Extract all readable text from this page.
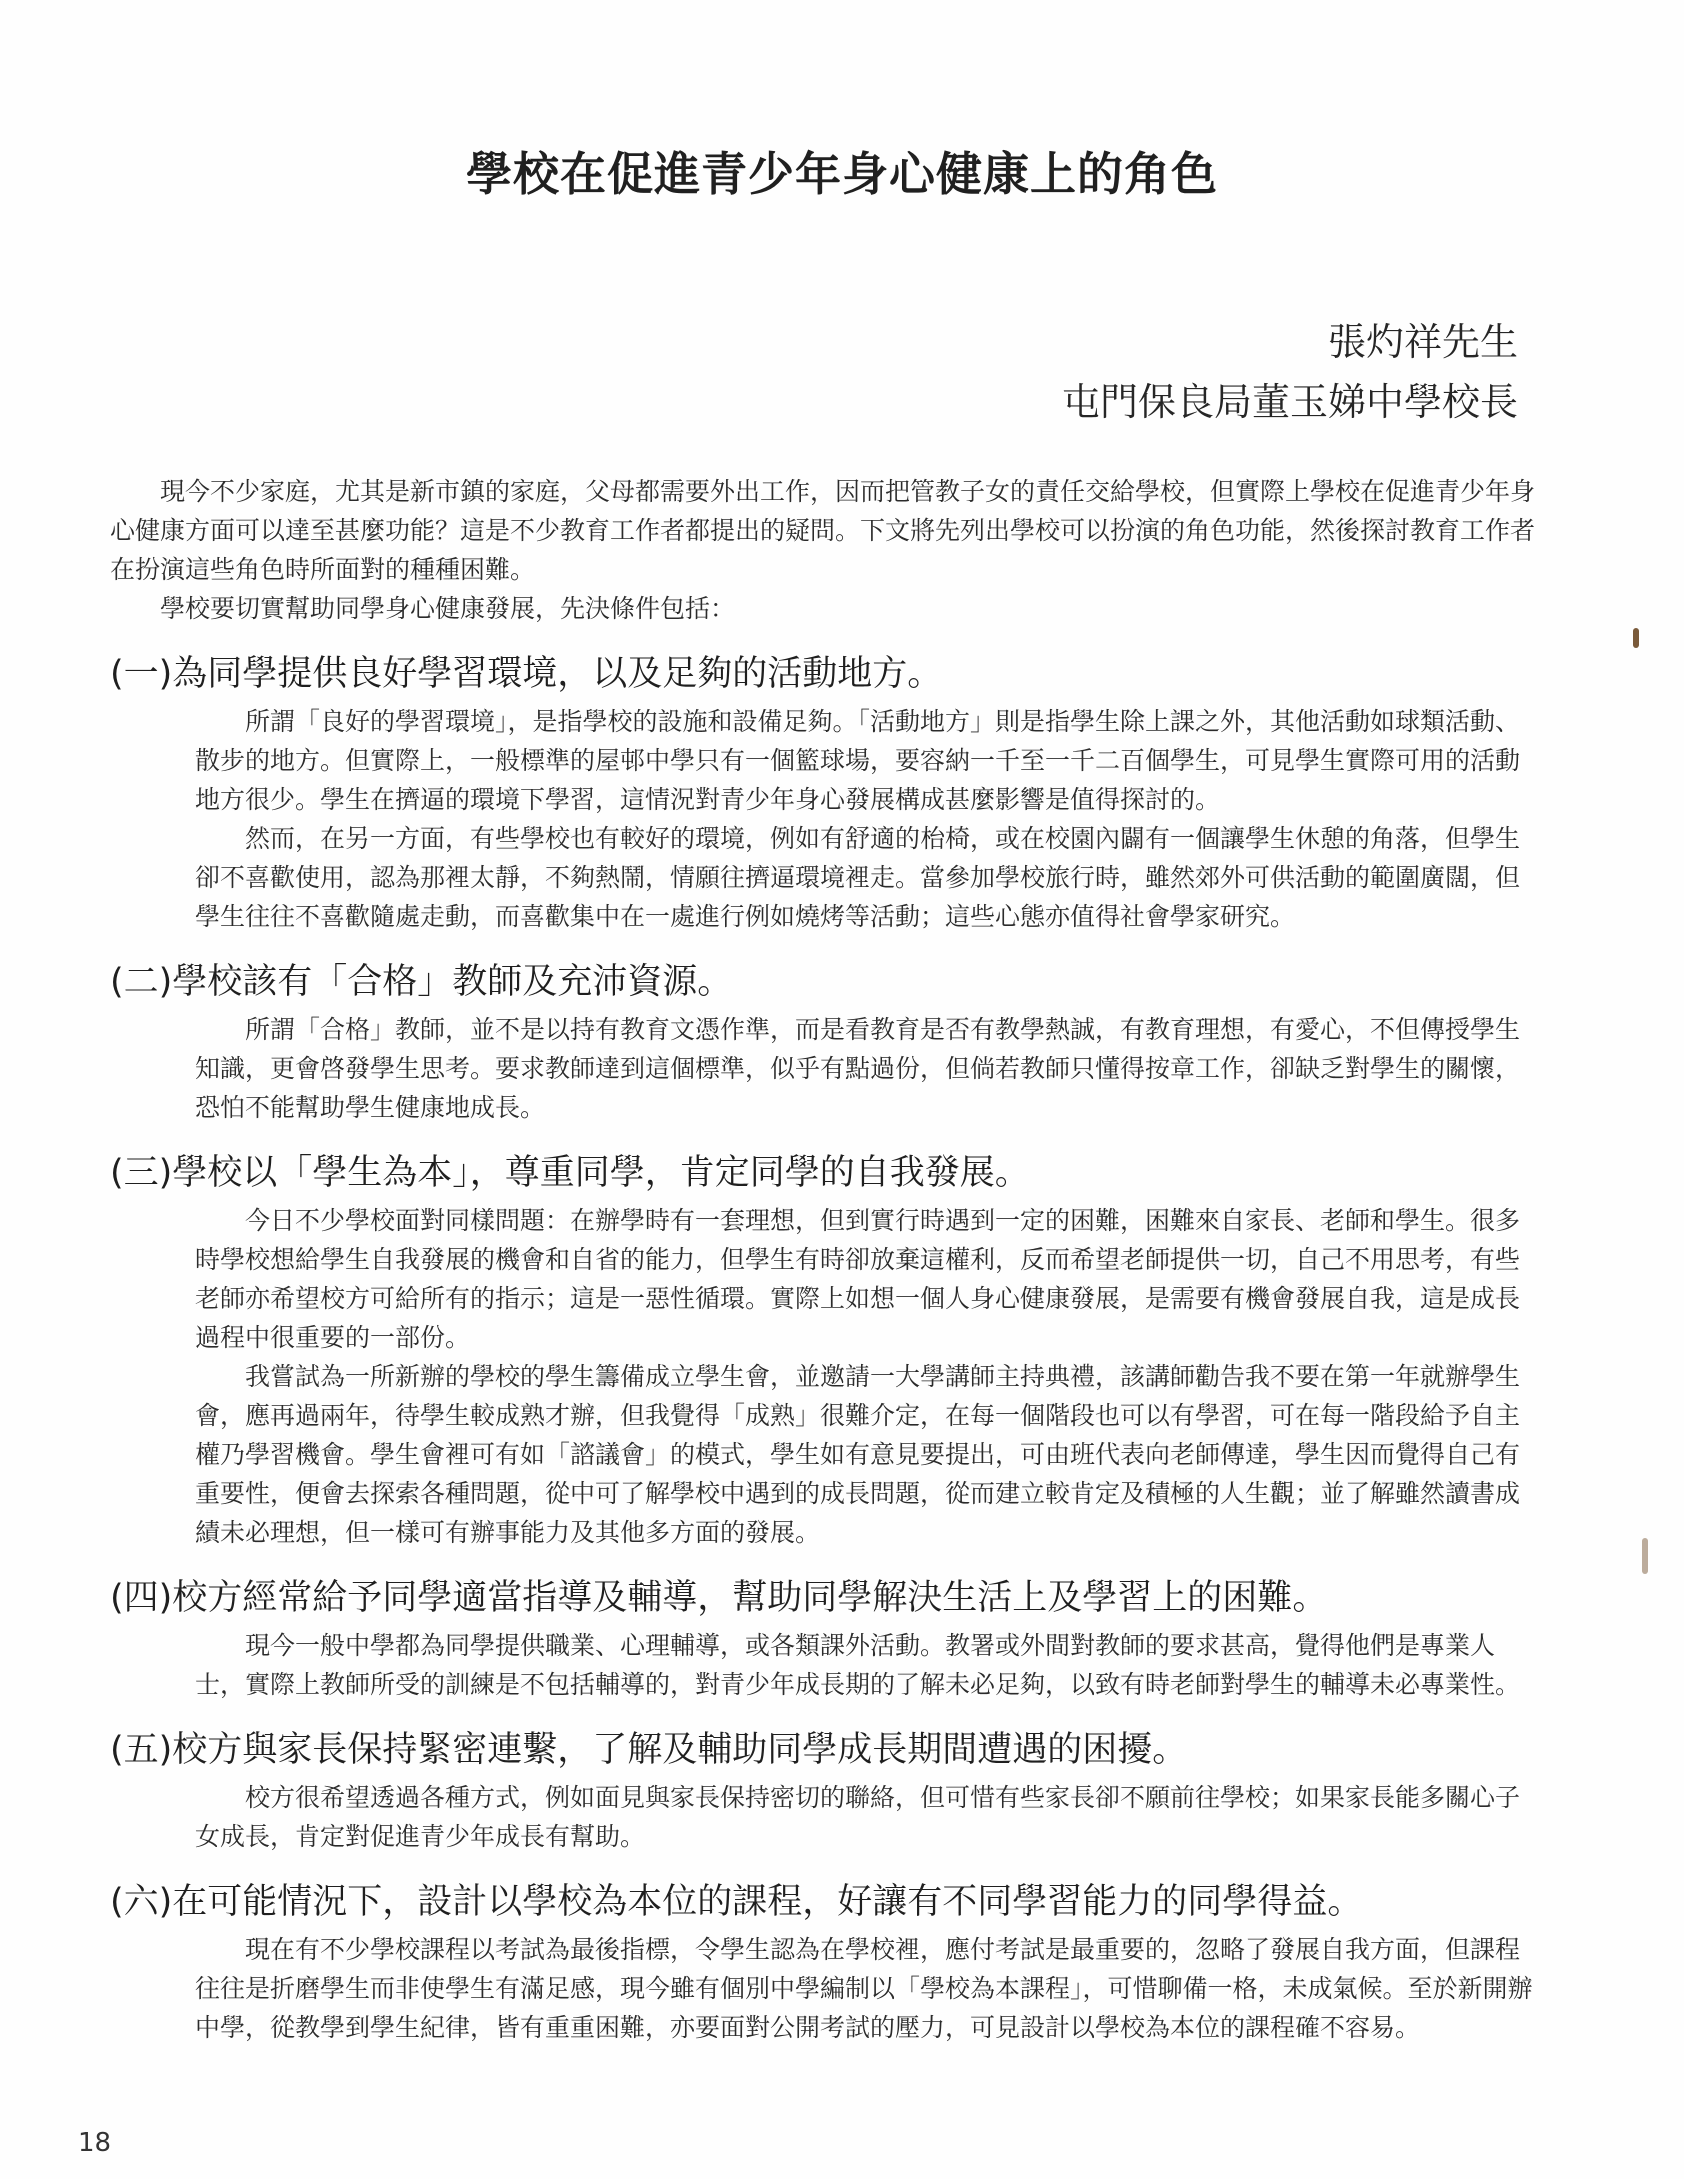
學校在促進青少年身心健康上的角色
張灼祥先生
屯門保良局董玉娣中學校長

現今不少家庭，尤其是新市鎮的家庭，父母都需要外出工作，因而把管教子女的責任交給學校，但實際上學校在促進青少年身心健康方面可以達至甚麼功能？這是不少教育工作者都提出的疑問。下文將先列出學校可以扮演的角色功能，然後探討教育工作者在扮演這些角色時所面對的種種困難。

學校要切實幫助同學身心健康發展，先決條件包括：

(一)為同學提供良好學習環境，以及足夠的活動地方。

所謂「良好的學習環境」，是指學校的設施和設備足夠。「活動地方」則是指學生除上課之外，其他活動如球類活動、散步的地方。但實際上，一般標準的屋邨中學只有一個籃球場，要容納一千至一千二百個學生，可見學生實際可用的活動地方很少。學生在擠逼的環境下學習，這情況對青少年身心發展構成甚麼影響是值得探討的。

然而，在另一方面，有些學校也有較好的環境，例如有舒適的枱椅，或在校園內闢有一個讓學生休憩的角落，但學生卻不喜歡使用，認為那裡太靜，不夠熱鬧，情願往擠逼環境裡走。當參加學校旅行時，雖然郊外可供活動的範圍廣闊，但學生往往不喜歡隨處走動，而喜歡集中在一處進行例如燒烤等活動；這些心態亦值得社會學家研究。

(二)學校該有「合格」教師及充沛資源。

所謂「合格」教師，並不是以持有教育文憑作準，而是看教育是否有教學熱誠，有教育理想，有愛心，不但傳授學生知識，更會啓發學生思考。要求教師達到這個標準，似乎有點過份，但倘若教師只懂得按章工作，卻缺乏對學生的關懷，恐怕不能幫助學生健康地成長。

(三)學校以「學生為本」，尊重同學，肯定同學的自我發展。

今日不少學校面對同樣問題：在辦學時有一套理想，但到實行時遇到一定的困難，困難來自家長、老師和學生。很多時學校想給學生自我發展的機會和自省的能力，但學生有時卻放棄這權利，反而希望老師提供一切，自己不用思考，有些老師亦希望校方可給所有的指示；這是一惡性循環。實際上如想一個人身心健康發展，是需要有機會發展自我，這是成長過程中很重要的一部份。

我嘗試為一所新辦的學校的學生籌備成立學生會，並邀請一大學講師主持典禮，該講師勸告我不要在第一年就辦學生會，應再過兩年，待學生較成熟才辦，但我覺得「成熟」很難介定，在每一個階段也可以有學習，可在每一階段給予自主權乃學習機會。學生會裡可有如「諮議會」的模式，學生如有意見要提出，可由班代表向老師傳達，學生因而覺得自己有重要性，便會去探索各種問題，從中可了解學校中遇到的成長問題，從而建立較肯定及積極的人生觀；並了解雖然讀書成績未必理想，但一樣可有辦事能力及其他多方面的發展。

(四)校方經常給予同學適當指導及輔導，幫助同學解決生活上及學習上的困難。

現今一般中學都為同學提供職業、心理輔導，或各類課外活動。教署或外間對教師的要求甚高，覺得他們是專業人士，實際上教師所受的訓練是不包括輔導的，對青少年成長期的了解未必足夠，以致有時老師對學生的輔導未必專業性。

(五)校方與家長保持緊密連繫，了解及輔助同學成長期間遭遇的困擾。

校方很希望透過各種方式，例如面見與家長保持密切的聯絡，但可惜有些家長卻不願前往學校；如果家長能多關心子女成長，肯定對促進青少年成長有幫助。

(六)在可能情況下，設計以學校為本位的課程，好讓有不同學習能力的同學得益。

現在有不少學校課程以考試為最後指標，令學生認為在學校裡，應付考試是最重要的，忽略了發展自我方面，但課程往往是折磨學生而非使學生有滿足感，現今雖有個別中學編制以「學校為本課程」，可惜聊備一格，未成氣候。至於新開辦中學，從教學到學生紀律，皆有重重困難，亦要面對公開考試的壓力，可見設計以學校為本位的課程確不容易。

18
